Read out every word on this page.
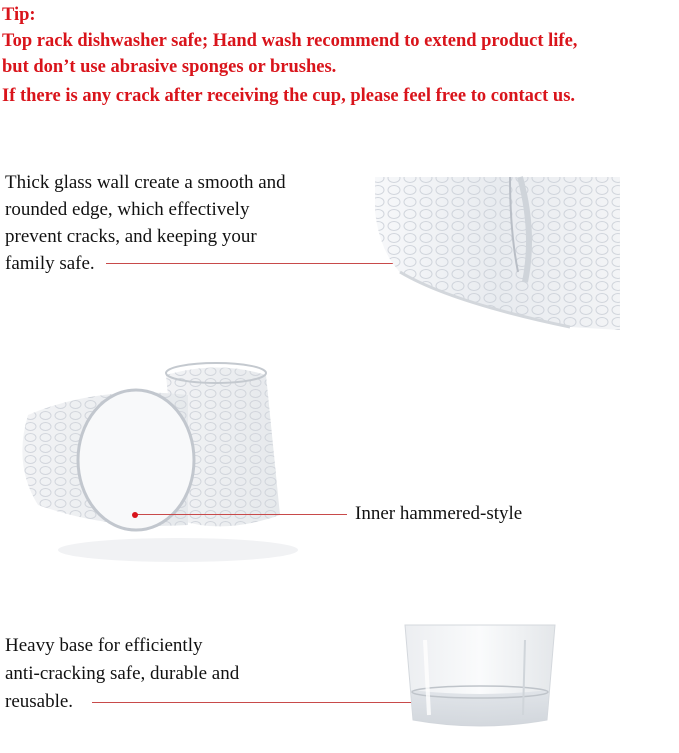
Tip:
Top rack dishwasher safe; Hand wash recommend to extend product life,
but don’t use abrasive sponges or brushes.
If there is any crack after receiving the cup, please feel free to contact us.
Thick glass wall create a smooth and
rounded edge, which effectively
prevent cracks, and keeping your
family safe.
Inner hammered-style
Heavy base for efficiently
anti-cracking safe, durable and
reusable.
